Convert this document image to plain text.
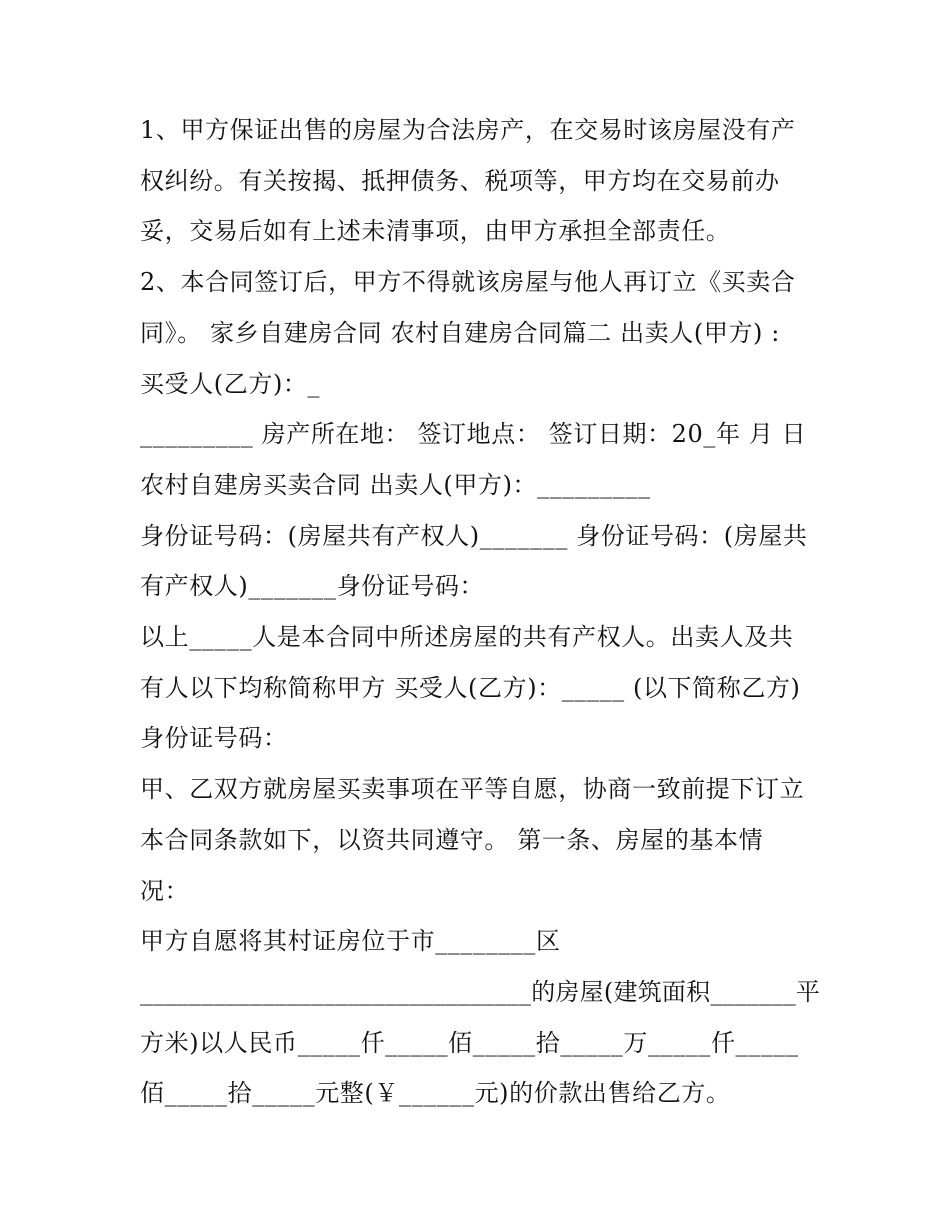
1、甲方保证出售的房屋为合法房产，在交易时该房屋没有产
权纠纷。有关按揭、抵押债务、税项等，甲方均在交易前办
妥，交易后如有上述未清事项，由甲方承担全部责任。
2、本合同签订后，甲方不得就该房屋与他人再订立《买卖合
同》。 家乡自建房合同 农村自建房合同篇二 出卖人(甲方) :
买受人(乙方)：_
_________ 房产所在地： 签订地点： 签订日期：20_年 月 日
农村自建房买卖合同 出卖人(甲方)：_________
身份证号码：(房屋共有产权人)_______ 身份证号码：(房屋共
有产权人)_______身份证号码：
以上_____人是本合同中所述房屋的共有产权人。出卖人及共
有人以下均称简称甲方 买受人(乙方)：_____ (以下简称乙方)
身份证号码：
甲、乙双方就房屋买卖事项在平等自愿，协商一致前提下订立
本合同条款如下，以资共同遵守。 第一条、房屋的基本情
况：
甲方自愿将其村证房位于市________区
________________________________的房屋(建筑面积_______平
方米)以人民币_____仟_____佰_____拾_____万_____仟_____
佰_____拾_____元整(￥______元)的价款出售给乙方。
